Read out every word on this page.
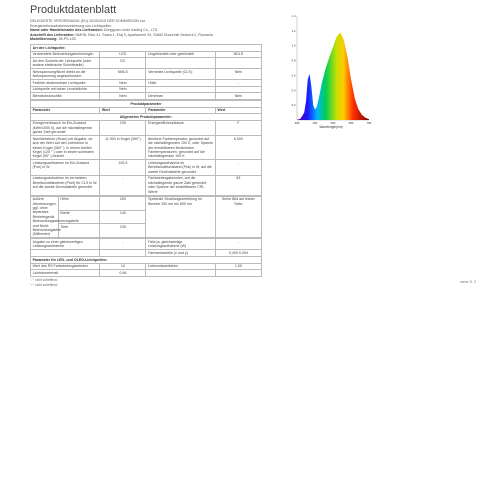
Produktdatenblatt
DELEGIERTE VERORDNUNG (EU) 2019/2015 DER KOMMISSION zur
Energieverbrauchskennzeichnung von Lichtquellen
Name oder Handelsmarke des Lieferanten: Dongguan Linde trading Co., LTD
Anschrift des Lieferanten: NMHN, Bloc 41, Scara 1, Etaj 5, Apartament 29, 22882 Bucuresti Sectorul 2, Romania
Modellkennung: 28-PS-100
Art der Lichtquelle:			
Verwendete Beleuchtungstechnologie:	LED	Ungebündelt oder gebündelt:	NDLS
Art des Sockels der Lichtquelle (oder andere elektrische Schnittstelle)	DC		
Netzspannung/Nicht direkt an die Netzspannung angeschlossen:	NMLS	Vernetzte Lichtquelle (CLS):	Nein
Farblich abstimmbare Lichtquelle:	Nein	Hülle:	-
Lichtquelle mit hoher Leuchtdichte	Nein		
Blendschutzschild:	Nein	Dimmbar:	Nein
Produktparameter			
Parameter	Wert	Parameter	Wert
Allgemeine Produktparameter:			
Energieverbrauch im Ein-Zustand (kWh/1000 h), auf die nächstliegende ganze Zahl gerundet	100	Energieeffizienzklasse	F
Nutzlichtstrom (Φuse) mit Angabe, ob sich der Wert auf den Lichtstrom in einem Kugel (360° ), in einem breiten Kegel (120 ° ) oder in einem schmalen Kegel (90° ) bezieht	11 500 in Kugel (360°)	ähnliche Farbtemperatur, gerundet auf die nächstliegenden 100 K, oder Spanne der einstellbaren ähnlichsten Farbtemperaturen, gerundet auf die nächstliegenden 100 K	6 500
Leistungsaufnahme im Ein-Zustand (Pon) in W	100,3	Leistungsaufnahme im Bereitschaftszustand (Psb) in W, auf die zweite Dezimalstelle gerundet	-
Leistungsaufnahme im vernetzten Bereitschaftsbetrieb (Pnet) für CLS in W, auf die zweite Dezimalstelle gerundet	-	Farbwiedergabeindex, auf die nächstliegende ganze Zahl gerundet, oder Spanne der einstellbaren CRI-Werte	83
äußere Abmessungen, ggf. ohne separates Betriebsgerät, Beleuchtungssteuerungsteile und Nicht-Beleuchtungsteile (Millimeter)	Höhe	200	Spektrale Strahlungsverteilung im Bereich 250 nm bis 800 nm	Siehe Bild auf letzter Seite
	Breite	140		
	Tiefe	230		
Angabe zu einer gleichwertigen Leistungsaufnahme	-	Falls ja, gleichwertige Leistungsaufnahme (W)	-
		Farbwertanteile (x und y)	0,409 0,394
Parameter für LED- und OLED-Lichtquellen:			
Wert des R9 Farbwiedergabeindex	10	Lebensdauerfaktor	1,00
Lichtstromerhalt	0,96		
"-": nicht zutreffend;
"-": nicht zutreffend;
0.2
0.4
0.6
0.8
1.0
1.2
1.4
380	480	580	680	780
Wavelength(nm)
siehe S. 3
